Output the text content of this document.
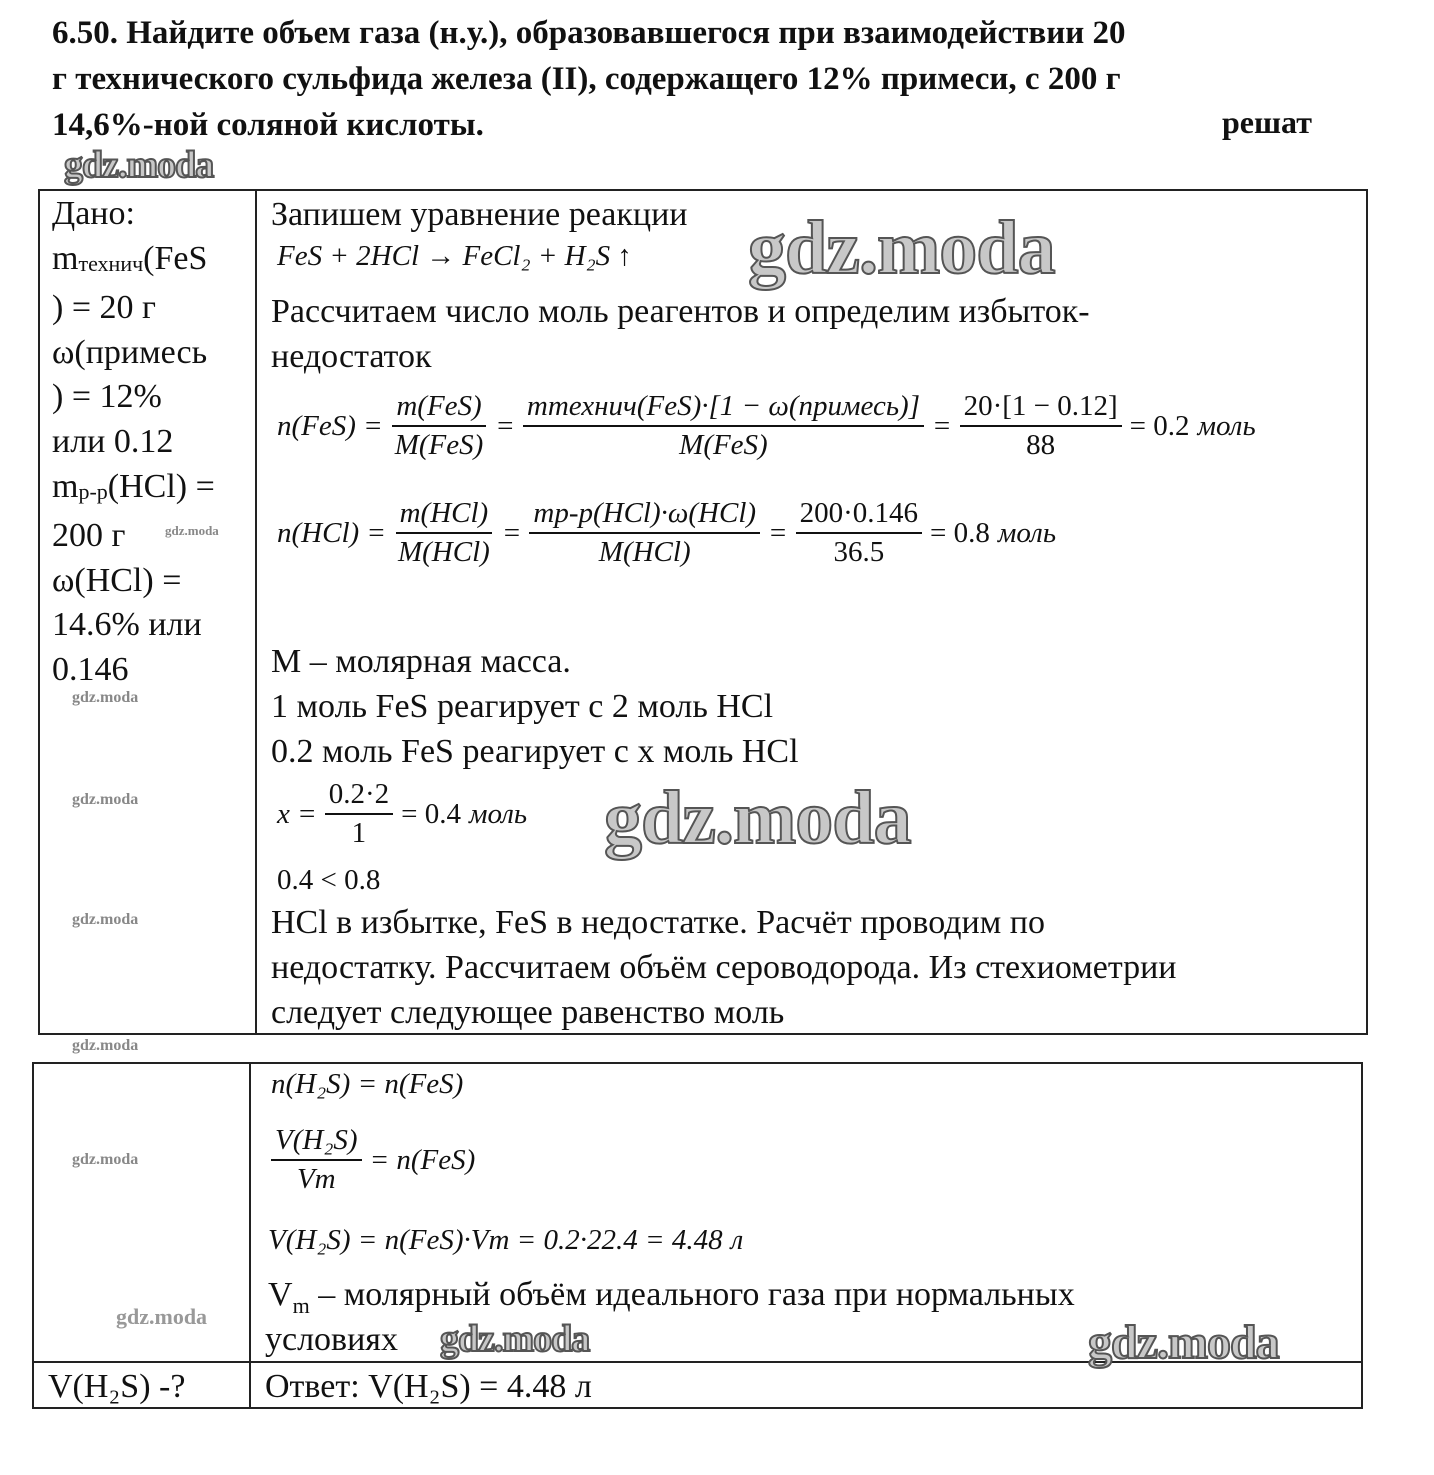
6.50. Найдите объем газа (н.у.), образовавшегося при взаимодействии 20
г технического сульфида железа (II), содержащего 12% примеси, с 200 г
14,6%-ной соляной кислоты.	решат
gdz.moda
Дано:
$m_{технич}(FeS$
) = 20 г
ω(примесь
) = 12%
или 0.12
$m_{р-р}(HCl)$ =
200 г
ω(HCl) =
14.6% или
0.146
gdz.moda
gdz.moda
gdz.moda
gdz.moda
gdz.moda
Запишем уравнение реакции
FeS + 2HCl → FeCl₂ + H₂S ↑ gdz.moda
Рассчитаем число моль реагентов и определим избыток-
недостаток
$n(FeS) = \frac{\text{m(FeS)}}{\text{M(FeS)}} = \frac{\text{mтехнич(FeS)·[1 − ω(примесь)]}}{\text{M(FeS)}} = \frac{20\cdot[1 - 0.12]}{88} = 0.2$ моль
$n(HCl) = \frac{\text{m(HCl)}}{\text{M(HCl)}} = \frac{\text{mр-р(HCl)·ω(HCl)}}{\text{M(HCl)}} = \frac{200\cdot 0.146}{36.5} = 0.8$ моль
M – молярная масса.
1 моль FeS реагирует с 2 моль HCl
0.2 моль FeS реагирует с х моль HCl
$x = \frac{0.2\cdot 2}{1} = 0.4$ моль gdz.moda
0.4 < 0.8
HCl в избытке, FeS в недостатке. Расчёт проводим по
недостатку. Рассчитаем объём сероводорода. Из стехиометрии
следует следующее равенство моль
gdz.moda
gdz.moda
n(H₂S) = n(FeS)
$\frac{\text{V(H₂S)}}{Vm} = n(FeS)$
V(H₂S) = n(FeS)·Vm = 0.2·22.4 = 4.48 л
$V_m$ – молярный объём идеального газа при нормальных
условиях gdz.moda	gdz.moda
V(H₂S) -? Ответ: V(H₂S) = 4.48 л
